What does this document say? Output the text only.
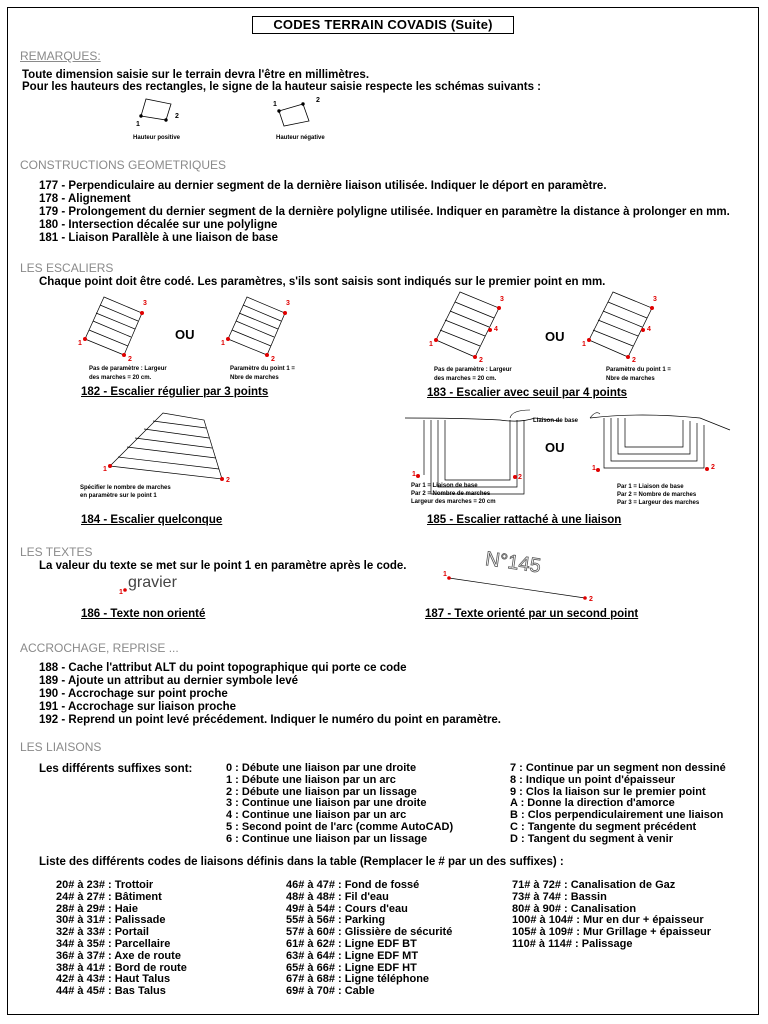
CODES TERRAIN COVADIS (Suite)
REMARQUES:
Toute dimension saisie sur le terrain devra l'être en millimètres.
Pour les hauteurs des rectangles, le signe de la hauteur saisie respecte les schémas suivants :
1
2
Hauteur positive
1
2
Hauteur négative
CONSTRUCTIONS GEOMETRIQUES
177 - Perpendiculaire au dernier segment de la dernière liaison utilisée. Indiquer le déport en paramètre.
178 - Alignement
179 - Prolongement du dernier segment de la dernière polyligne utilisée. Indiquer en paramètre la distance à prolonger en mm.
180 - Intersection décalée sur une polyligne
181 - Liaison Parallèle à une liaison de base
LES ESCALIERS
Chaque point doit être codé. Les paramètres, s'ils sont saisis sont indiqués sur le premier point en mm.
3
1
2
OU
3
1
2
Pas de paramètre : Largeur
des marches = 20 cm.
Paramètre du point 1 =
Nbre de marches
182 - Escalier régulier par 3 points
3
4
1
2
OU
3
4
1
2
Pas de paramètre : Largeur
des marches = 20 cm.
Paramètre du point 1 =
Nbre de marches
183 - Escalier avec seuil par 4 points
1
2
Spécifier le nombre de marches
en paramètre sur le point 1
184 - Escalier quelconque
Liaison de base
OU
1	2
1	2
Par 1 = Liaison de base
Par 2 = Nombre de marches
Largeur des marches = 20 cm
Par 1 = Liaison de base
Par 2 = Nombre de marches
Par 3 = Largeur des marches
185 - Escalier rattaché à une liaison
LES TEXTES
La valeur du texte se met sur le point 1 en paramètre après le code.
gravier
1
N°145
1
2
186 - Texte non orienté	187 - Texte orienté par un second point
ACCROCHAGE, REPRISE ...
188 - Cache l'attribut ALT du point topographique qui porte ce code
189 - Ajoute un attribut au dernier symbole levé
190 - Accrochage sur point proche
191 - Accrochage sur liaison proche
192 - Reprend un point levé précédement. Indiquer le numéro du point en paramètre.
LES LIAISONS
Les différents suffixes sont:	0 : Débute une liaison par une droite
1 : Débute une liaison par un arc
2 : Débute une liaison par un lissage
3 : Continue une liaison par une droite
4 : Continue une liaison par un arc
5 : Second point de l'arc (comme AutoCAD)
6 : Continue une liaison par un lissage
7 : Continue par un segment non dessiné
8 : Indique un point d'épaisseur
9 : Clos la liaison sur le premier point
A : Donne la direction d'amorce
B : Clos perpendiculairement une liaison
C : Tangente du segment précédent
D : Tangent du segment à venir
Liste des différents codes de liaisons définis dans la table (Remplacer le # par un des suffixes) :
20# à 23# : Trottoir
24# à 27# : Bâtiment
28# à 29# : Haie
30# à 31# : Palissade
32# à 33# : Portail
34# à 35# : Parcellaire
36# à 37# : Axe de route
38# à 41# : Bord de route
42# à 43# : Haut Talus
44# à 45# : Bas Talus
46# à 47# : Fond de fossé
48# à 48# : Fil d'eau
49# à 54# : Cours d'eau
55# à 56# : Parking
57# à 60# : Glissière de sécurité
61# à 62# : Ligne EDF BT
63# à 64# : Ligne EDF MT
65# à 66# : Ligne EDF HT
67# à 68# : Ligne téléphone
69# à 70# : Cable
71# à 72# : Canalisation de Gaz
73# à 74# : Bassin
80# à 90# : Canalisation
100# à 104# : Mur en dur + épaisseur
105# à 109# : Mur Grillage + épaisseur
110# à 114# : Palissage
